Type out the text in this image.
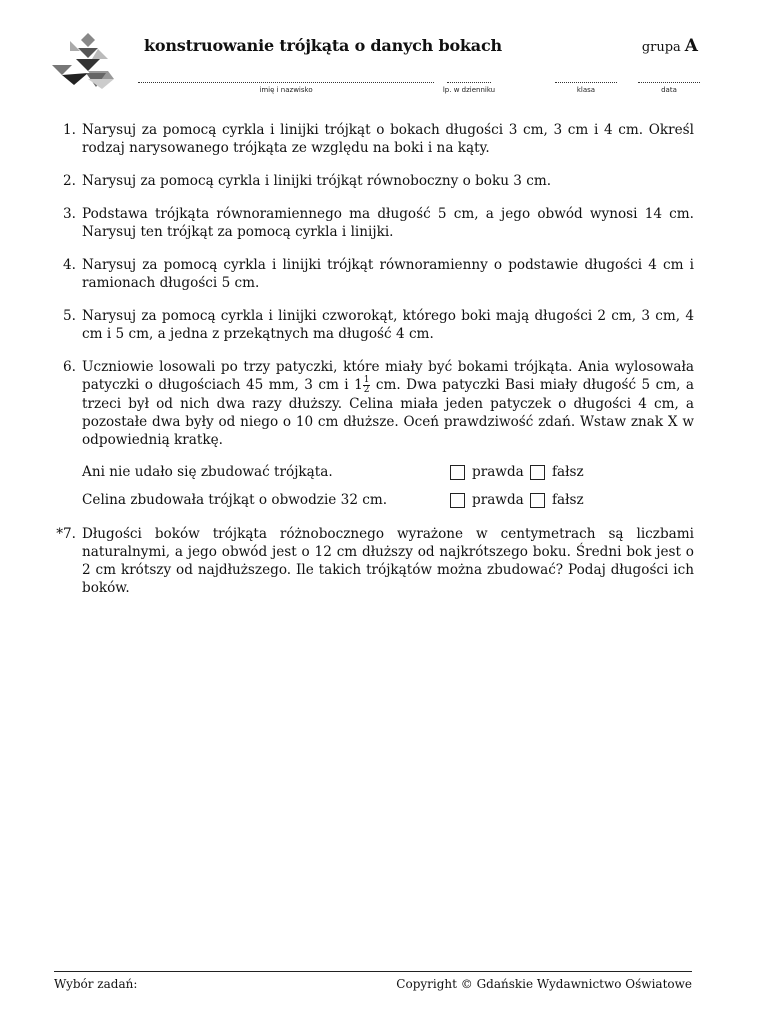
konstruowanie trójkąta o danych bokach	grupa A
imię i nazwisko	lp. w dzienniku	klasa	data
1. Narysuj za pomocą cyrkla i linijki trójkąt o bokach długości 3 cm, 3 cm i 4 cm. Określ rodzaj narysowanego trójkąta ze względu na boki i na kąty.
2. Narysuj za pomocą cyrkla i linijki trójkąt równoboczny o boku 3 cm.
3. Podstawa trójkąta równoramiennego ma długość 5 cm, a jego obwód wynosi 14 cm. Narysuj ten trójkąt za pomocą cyrkla i linijki.
4. Narysuj za pomocą cyrkla i linijki trójkąt równoramienny o podstawie długości 4 cm i ramionach długości 5 cm.
5. Narysuj za pomocą cyrkla i linijki czworokąt, którego boki mają długości 2 cm, 3 cm, 4 cm i 5 cm, a jedna z przekątnych ma długość 4 cm.
6. Uczniowie losowali po trzy patyczki, które miały być bokami trójkąta. Ania wylosowała patyczki o długościach 45 mm, 3 cm i $1 \frac{1}{2}$ cm. Dwa patyczki Basi miały długość 5 cm, a trzeci był od nich dwa razy dłuższy. Celina miała jeden patyczek o długości 4 cm, a pozostałe dwa były od niego o 10 cm dłuższe. Oceń prawdziwość zdań. Wstaw znak X w odpowiednią kratkę.
Ani nie udało się zbudować trójkąta.	prawda fałsz
Celina zbudowała trójkąt o obwodzie 32 cm.	prawda fałsz
*7. Długości boków trójkąta różnobocznego wyrażone w centymetrach są liczbami naturalnymi, a jego obwód jest o 12 cm dłuższy od najkrótszego boku. Średni bok jest o 2 cm krótszy od najdłuższego. Ile takich trójkątów można zbudować? Podaj długości ich boków.
Wybór zadań:	Copyright © Gdańskie Wydawnictwo Oświatowe
